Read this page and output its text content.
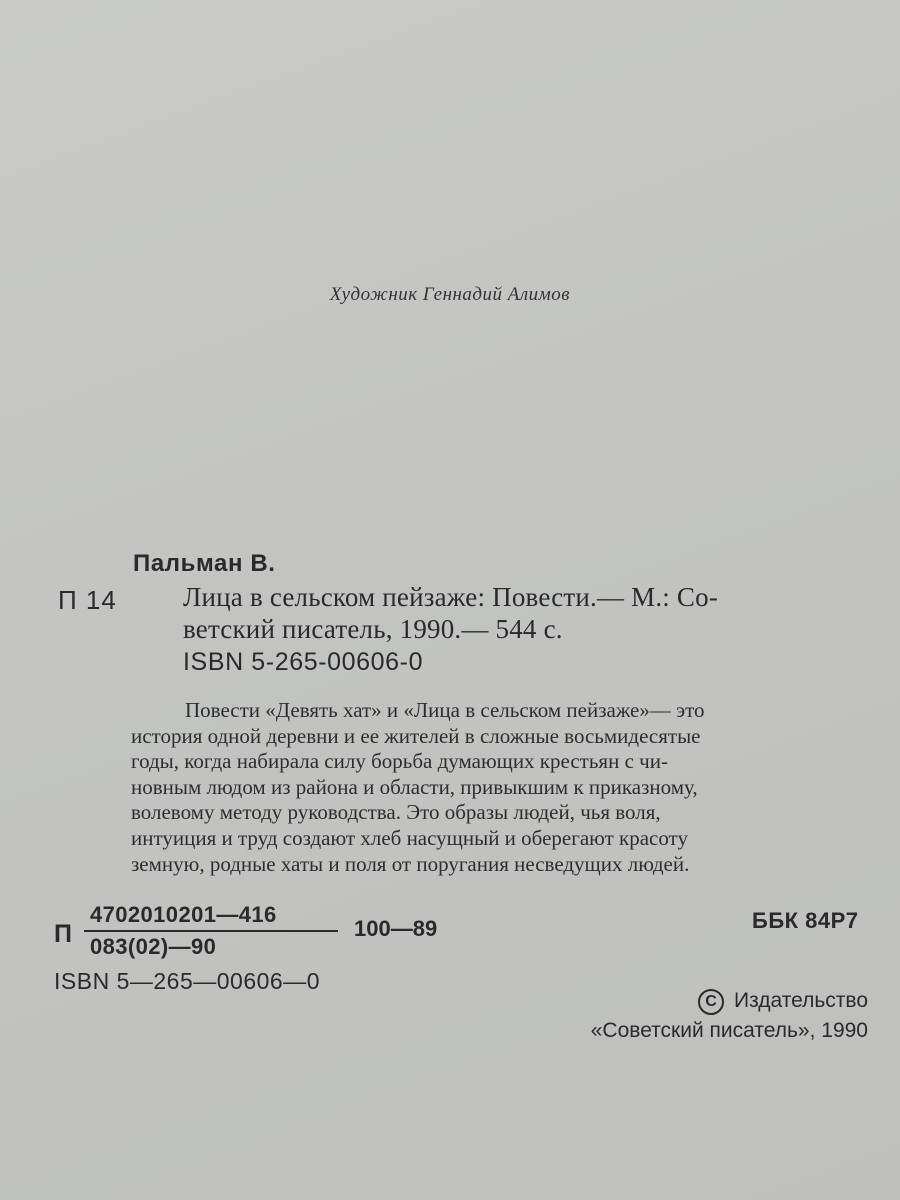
Художник Геннадий Алимов
Пальман В.
П 14 Лица в сельском пейзаже: Повести.— М.: Со-
ветский писатель, 1990.— 544 с.
ISBN 5-265-00606-0
Повести «Девять хат» и «Лица в сельском пейзаже»— это
история одной деревни и ее жителей в сложные восьмидесятые
годы, когда набирала силу борьба думающих крестьян с чи-
новным людом из района и области, привыкшим к приказному,
волевому методу руководства. Это образы людей, чья воля,
интуиция и труд создают хлеб насущный и оберегают красоту
земную, родные хаты и поля от поругания несведущих людей.
П
4702010201—416
083(02)—90
100—89	ББК 84Р7
ISBN 5—265—00606—0
C Издательство
«Советский писатель», 1990
